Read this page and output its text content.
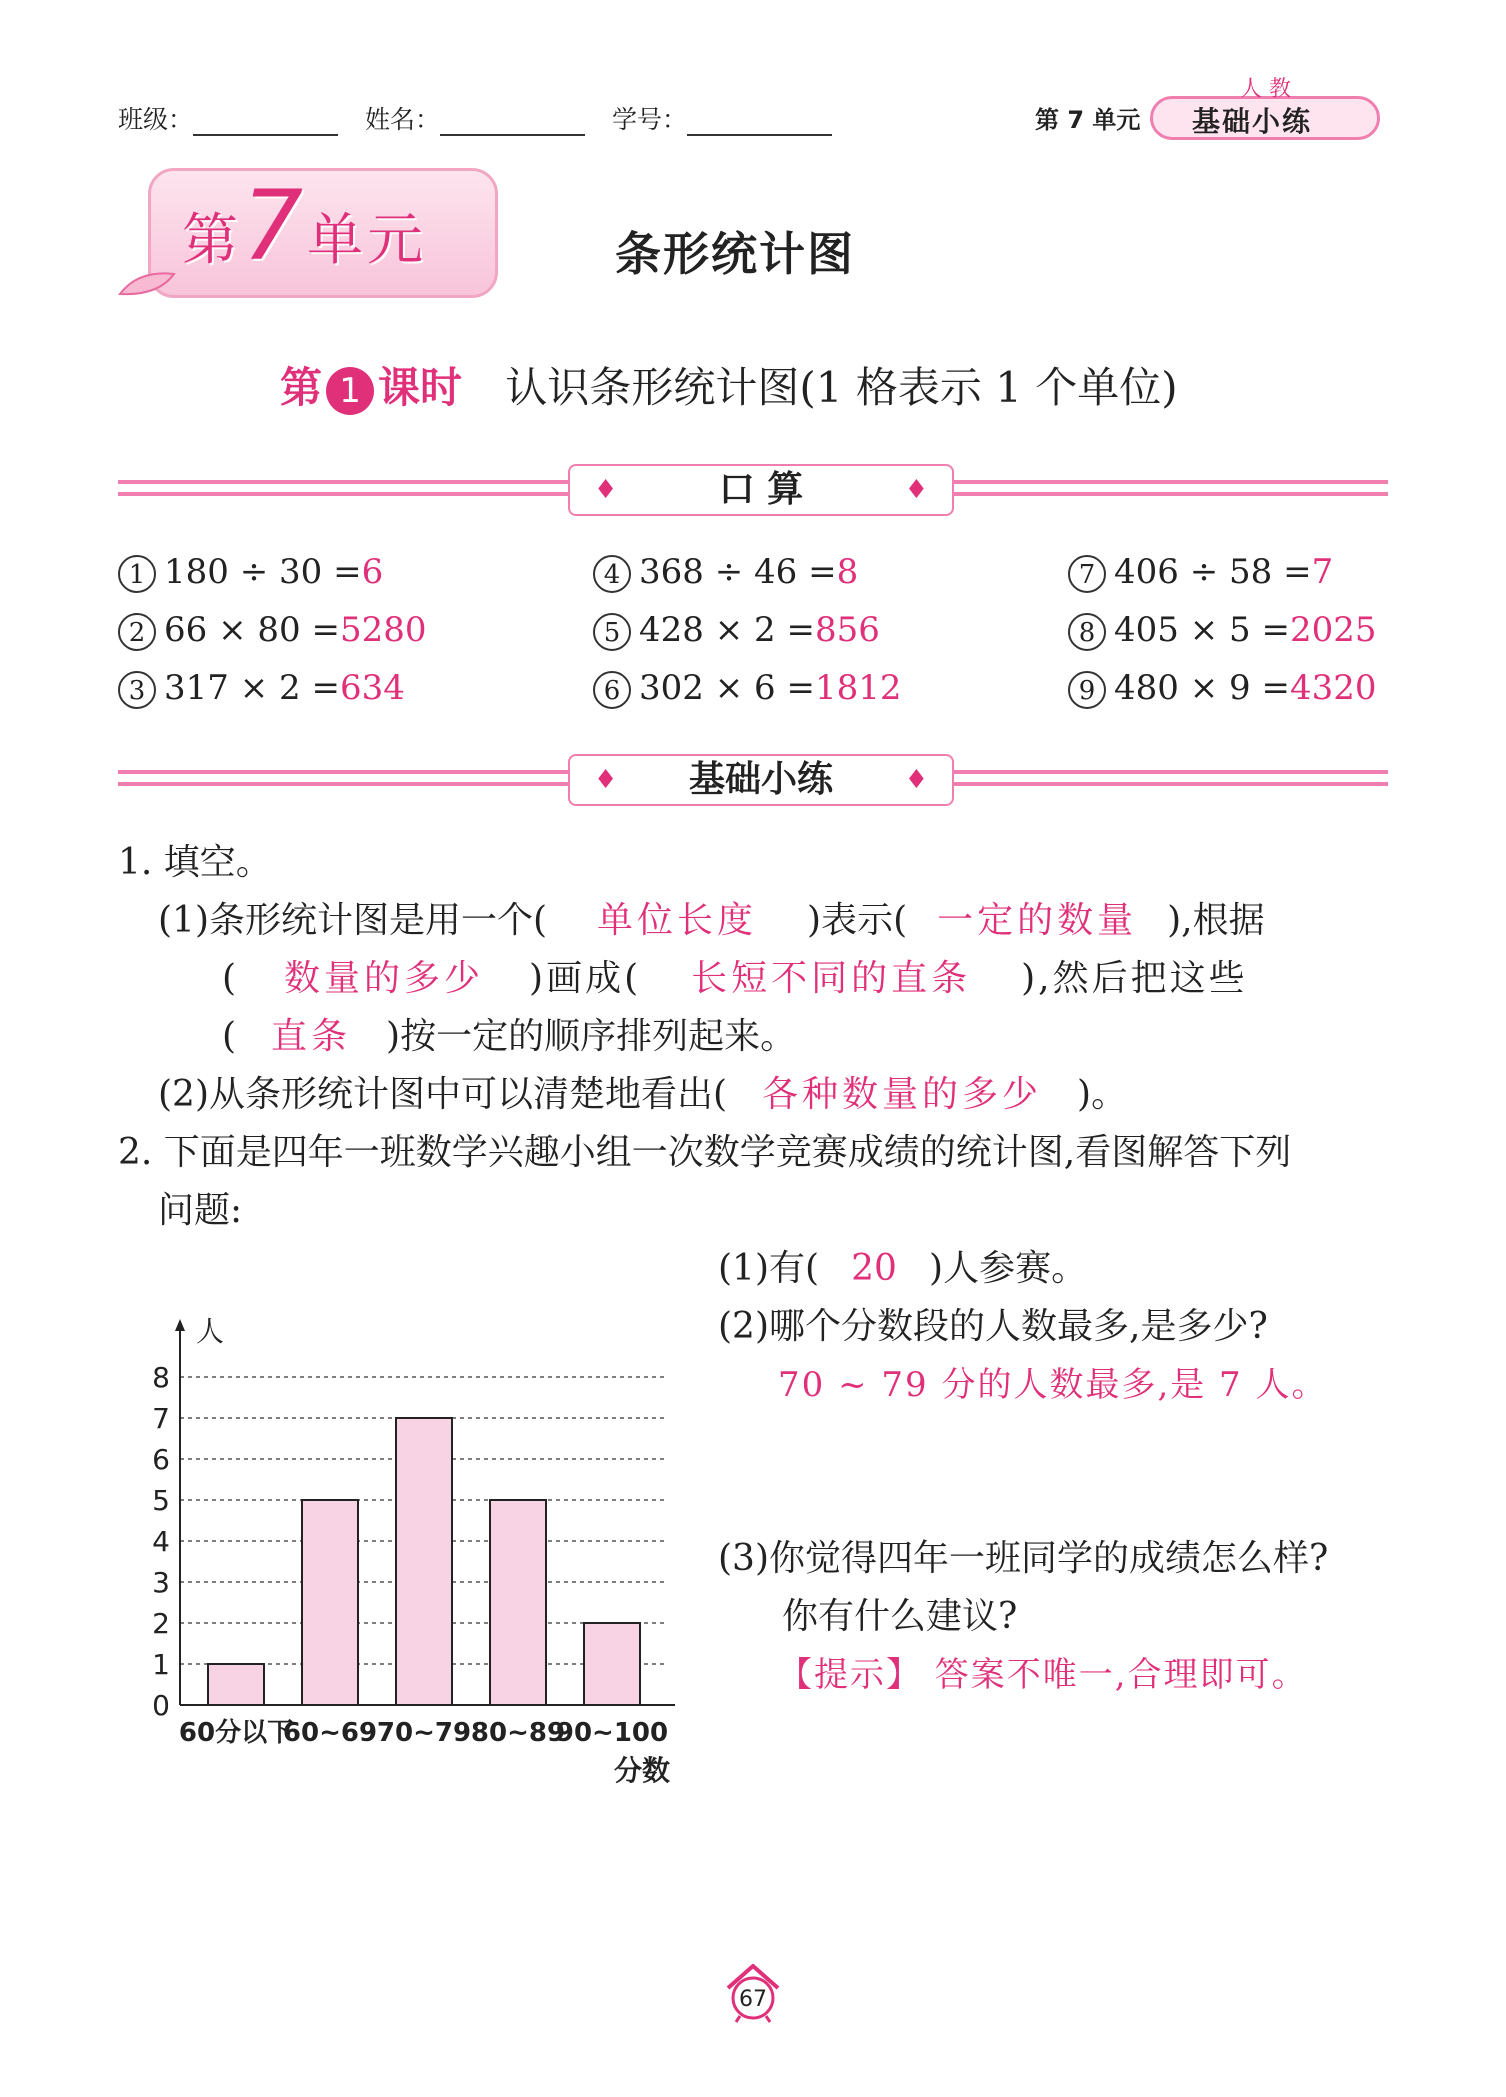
班级：	姓名：	学号：	第 7 单元
人 教
基础小练
第7单元	条形统计图
第 1 课时 认识条形统计图(1 格表示 1 个单位)
♦	口 算	♦
1 180 ÷ 30 =6
2 66 × 80 =5280
3 317 × 2 =634
4 368 ÷ 46 =8
5 428 × 2 =856
6 302 × 6 =1812
7 406 ÷ 58 =7
8 405 × 5 =2025
9 480 × 9 =4320
♦ 基础小练	♦
1. 填空。
(1)条形统计图是用一个( 单位长度 )表示( 一定的数量 ),根据
( 数量的多少 )画成( 长短不同的直条 ),然后把这些
( 直条 )按一定的顺序排列起来。
(2)从条形统计图中可以清楚地看出( 各种数量的多少 )。
2. 下面是四年一班数学兴趣小组一次数学竞赛成绩的统计图,看图解答下列
问题:
(1)有( 20 )人参赛。
(2)哪个分数段的人数最多,是多少?
70 ~ 79 分的人数最多,是 7 人。
(3)你觉得四年一班同学的成绩怎么样?
你有什么建议?
【提示】 答案不唯一,合理即可。
0
1
2
3
4
5
6
7
8
60分以下
60~69 70~79 80~89
90~100
人
分数
67
